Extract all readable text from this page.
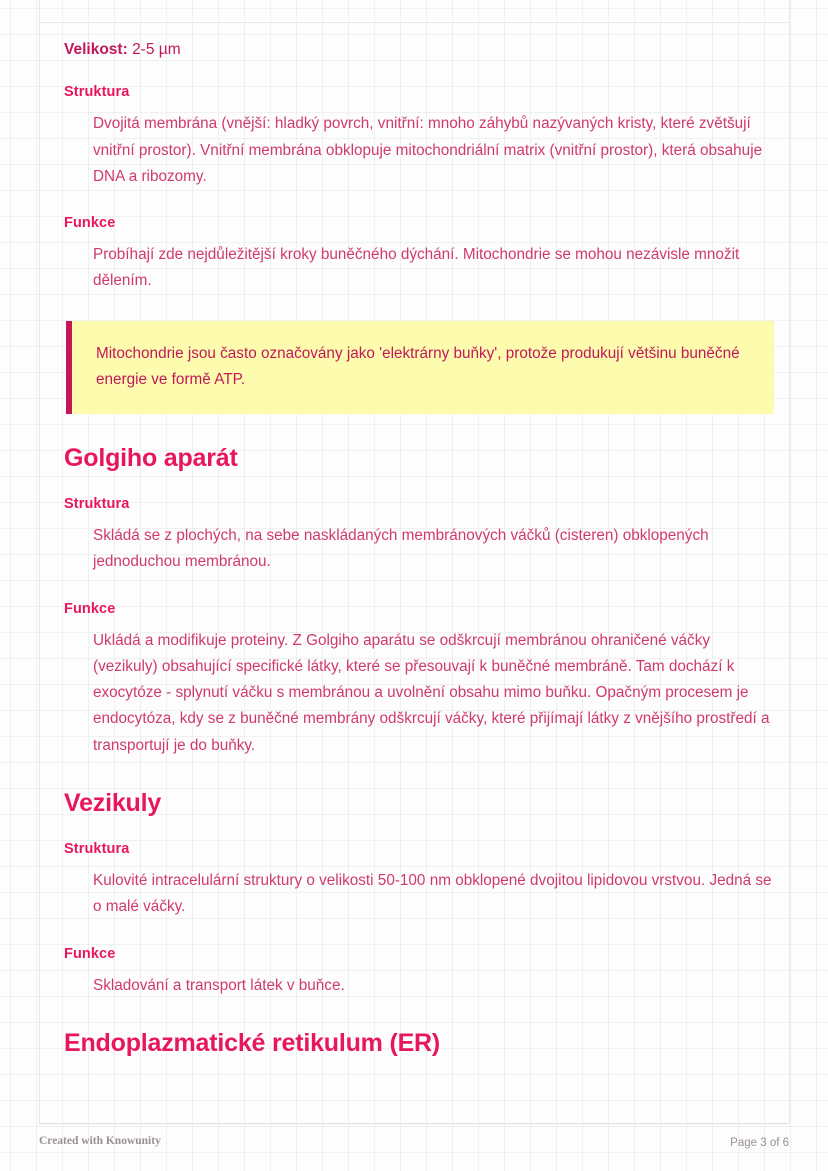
Velikost: 2-5 µm
Struktura
Dvojitá membrána (vnější: hladký povrch, vnitřní: mnoho záhybů nazývaných kristy, které zvětšují vnitřní prostor). Vnitřní membrána obklopuje mitochondriální matrix (vnitřní prostor), která obsahuje DNA a ribozomy.
Funkce
Probíhají zde nejdůležitější kroky buněčného dýchání. Mitochondrie se mohou nezávisle množit dělením.
Mitochondrie jsou často označovány jako 'elektrárny buňky', protože produkují většinu buněčné energie ve formě ATP.
Golgiho aparát
Struktura
Skládá se z plochých, na sebe naskládaných membránových váčků (cisteren) obklopených jednoduchou membránou.
Funkce
Ukládá a modifikuje proteiny. Z Golgiho aparátu se odškrcují membránou ohraničené váčky (vezikuly) obsahující specifické látky, které se přesouvají k buněčné membráně. Tam dochází k exocytóze - splynutí váčku s membránou a uvolnění obsahu mimo buňku. Opačným procesem je endocytóza, kdy se z buněčné membrány odškrcují váčky, které přijímají látky z vnějšího prostředí a transportují je do buňky.
Vezikuly
Struktura
Kulovité intracelulární struktury o velikosti 50-100 nm obklopené dvojitou lipidovou vrstvou. Jedná se o malé váčky.
Funkce
Skladování a transport látek v buňce.
Endoplazmatické retikulum (ER)
Created with Knowunity	Page 3 of 6
